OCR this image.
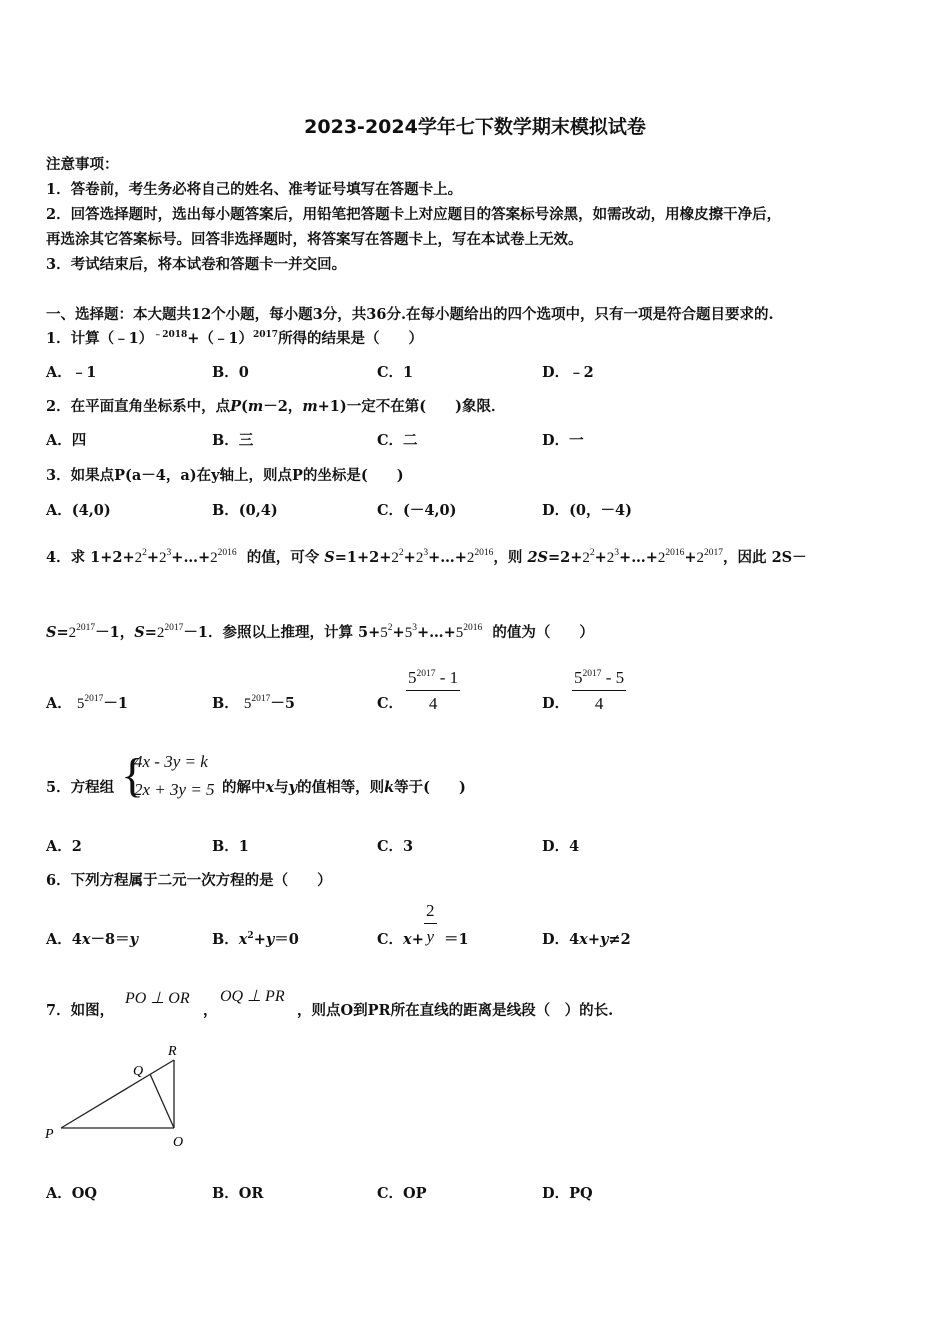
2023-2024学年七下数学期末模拟试卷
注意事项：
1．答卷前，考生务必将自己的姓名、准考证号填写在答题卡上。
2．回答选择题时，选出每小题答案后，用铅笔把答题卡上对应题目的答案标号涂黑，如需改动，用橡皮擦干净后，
再选涂其它答案标号。回答非选择题时，将答案写在答题卡上，写在本试卷上无效。
3．考试结束后，将本试卷和答题卡一并交回。
一、选择题：本大题共12个小题，每小题3分，共36分.在每小题给出的四个选项中，只有一项是符合题目要求的.
1．计算（﹣1）$^{﹣2018}$+（﹣1）$^{2017}$所得的结果是（　　）
A．﹣1	B．0	C．1	D．﹣2
2．在平面直角坐标系中，点P(m－2，m+1)一定不在第(　　)象限．
A．四	B．三	C．二	D．一
3．如果点P(a－4，a)在y轴上，则点P的坐标是(　　)
A．(4,0)	B．(0,4)	C．(－4,0)	D．(0，－4)
4．求 $1+2+2^2+2^3+\dots+2^{2016}$ 的值，可令 $S=1+2+2^2+2^3+\dots+2^{2016}$，则 $2S=2+2^2+2^3+\dots+2^{2016}+2^{2017}$，因此 2S－
$S=2^{2017}-1$，$S=2^{2017}-1$．参照以上推理，计算 $5+5^2+5^3+\dots+5^{2016}$ 的值为（　　）
A． $5^{2017}-1$	B． $5^{2017}-5$	C． $\frac{5^{2017} - 1}{4}$	D． $\frac{5^{2017} - 5}{4}$
5．方程组 {
4x - 3y = k
2x + 3y = 5 的解中x与y的值相等，则k等于(　　)
A．2	B．1	C．3	D．4
6．下列方程属于二元一次方程的是（　　）
A．4x－8＝y	B．$x^2+y=0$	C．$x+ \frac{2}{y} =1$	D．4x+y≠2
7．如图，
PO ⊥ OR
，
OQ ⊥ PR
，则点O到PR所在直线的距离是线段（　）的长.
P
Q
R
O
A．OQ	B．OR	C．OP	D．PQ
